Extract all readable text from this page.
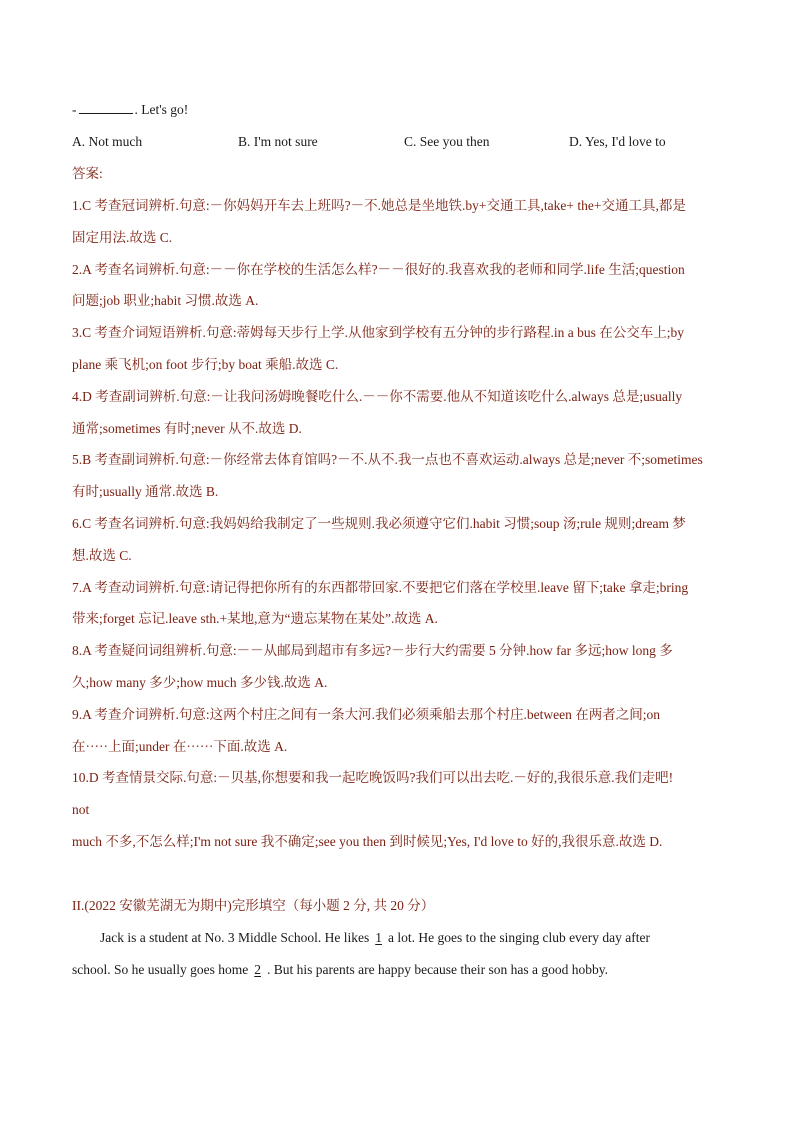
-	. Let's go!
A. Not much	B. I'm not sure	C. See you then	D. Yes, I'd love to
答案:
1.C 考查冠词辨析.句意:－你妈妈开车去上班吗?－不.她总是坐地铁.by+交通工具,take+ the+交通工具,都是
固定用法.故选 C.
2.A 考查名词辨析.句意:－－你在学校的生活怎么样?－－很好的.我喜欢我的老师和同学.life 生活;question
问题;job 职业;habit 习惯.故选 A.
3.C 考查介词短语辨析.句意:蒂姆每天步行上学.从他家到学校有五分钟的步行路程.in a bus 在公交车上;by
plane 乘飞机;on foot 步行;by boat 乘船.故选 C.
4.D 考查副词辨析.句意:－让我问汤姆晚餐吃什么.－－你不需要.他从不知道该吃什么.always 总是;usually
通常;sometimes 有时;never 从不.故选 D.
5.B 考查副词辨析.句意:－你经常去体育馆吗?－不.从不.我一点也不喜欢运动.always 总是;never 不;sometimes
有时;usually 通常.故选 B.
6.C 考查名词辨析.句意:我妈妈给我制定了一些规则.我必须遵守它们.habit 习惯;soup 汤;rule 规则;dream 梦
想.故选 C.
7.A 考查动词辨析.句意:请记得把你所有的东西都带回家.不要把它们落在学校里.leave 留下;take 拿走;bring
带来;forget 忘记.leave sth.+某地,意为“遗忘某物在某处”.故选 A.
8.A 考查疑问词组辨析.句意:－－从邮局到超市有多远?－步行大约需要 5 分钟.how far 多远;how long 多
久;how many 多少;how much 多少钱.故选 A.
9.A 考查介词辨析.句意:这两个村庄之间有一条大河.我们必须乘船去那个村庄.between 在两者之间;on
在·····上面;under 在······下面.故选 A.
10.D 考查情景交际.句意:－贝基,你想要和我一起吃晚饭吗?我们可以出去吃.－好的,我很乐意.我们走吧!
not
much 不多,不怎么样;I'm not sure 我不确定;see you then 到时候见;Yes, I'd love to 好的,我很乐意.故选 D.
II.(2022 安徽芜湖无为期中)完形填空（每小题 2 分, 共 20 分）
Jack is a student at No. 3 Middle School. He likes 1 a lot. He goes to the singing club every day after
school. So he usually goes home 2 . But his parents are happy because their son has a good hobby.
